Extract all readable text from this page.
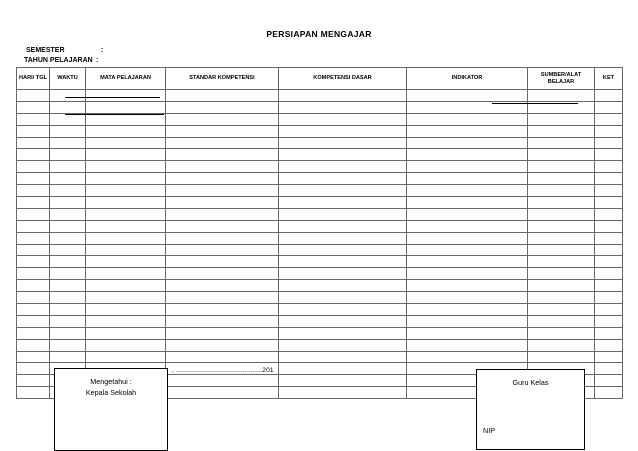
PERSIAPAN MENGAJAR
SEMESTER	:
TAHUN PELAJARAN :
HARI/ TGL	WAKTU	MATA PELAJARAN	STANDAR KOMPETENSI	KOMPETENSI DASAR	INDIKATOR	SUMBER/ALAT BELAJAR	KET

Mengetahui :
Kepala Sekolah
, ...........................................201
Guru Kelas
NIP
